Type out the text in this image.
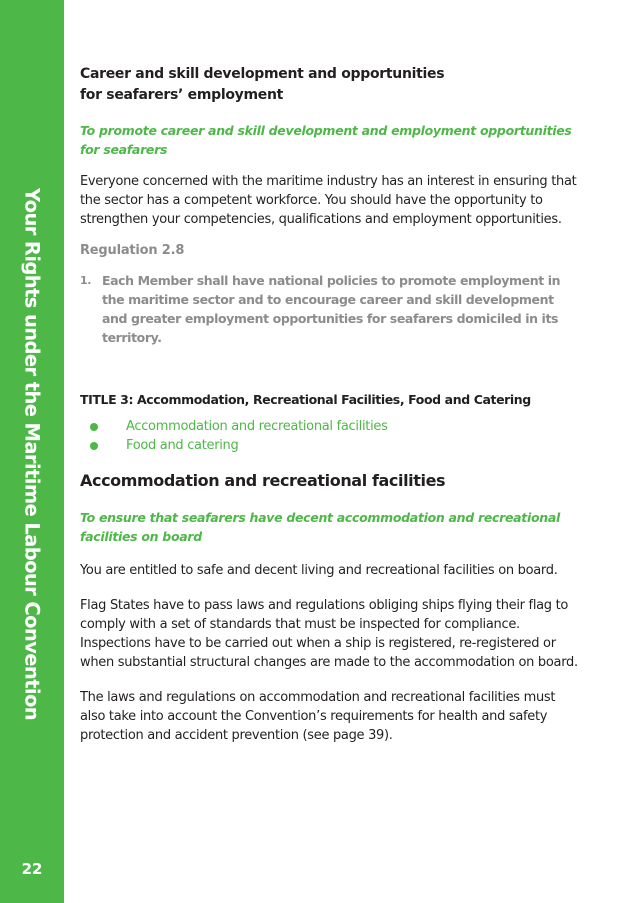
Your Rights under the Maritime Labour Convention
22
Career and skill development and opportunities
for seafarers’ employment

To promote career and skill development and employment opportunities for seafarers

Everyone concerned with the maritime industry has an interest in ensuring that the sector has a competent workforce. You should have the opportunity to strengthen your competencies, qualifications and employment opportunities.

Regulation 2.8

1. Each Member shall have national policies to promote employment in the maritime sector and to encourage career and skill development and greater employment opportunities for seafarers domiciled in its territory.
TITLE 3: Accommodation, Recreational Facilities, Food and Catering
Accommodation and recreational facilities
Food and catering
Accommodation and recreational facilities

To ensure that seafarers have decent accommodation and recreational facilities on board

You are entitled to safe and decent living and recreational facilities on board.

Flag States have to pass laws and regulations obliging ships flying their flag to comply with a set of standards that must be inspected for compliance. Inspections have to be carried out when a ship is registered, re-registered or when substantial structural changes are made to the accommodation on board.

The laws and regulations on accommodation and recreational facilities must also take into account the Convention’s requirements for health and safety protection and accident prevention (see page 39).
